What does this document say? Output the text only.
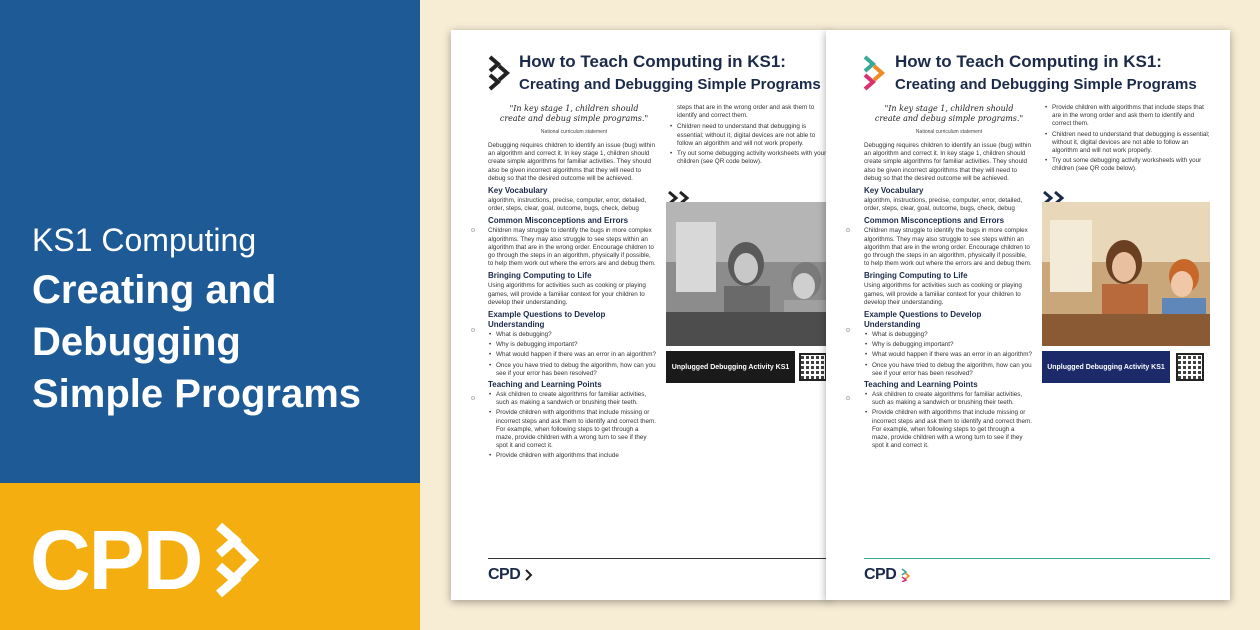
KS1 Computing
Creating and
Debugging
Simple Programs
CPD
How to Teach Computing in KS1:
Creating and Debugging Simple Programs
"In key stage 1, children should
create and debug simple programs."
National curriculum statement

Debugging requires children to identify an issue (bug) within an algorithm and correct it. In key stage 1, children should create simple algorithms for familiar activities. They should also be given incorrect algorithms that they will need to debug so that the desired outcome will be achieved.

Key Vocabulary

algorithm, instructions, precise, computer, error, detailed, order, steps, clear, goal, outcome, bugs, check, debug

Common Misconceptions and Errors

Children may struggle to identify the bugs in more complex algorithms. They may also struggle to see steps within an algorithm that are in the wrong order. Encourage children to go through the steps in an algorithm, physically if possible, to help them work out where the errors are and debug them.

Bringing Computing to Life

Using algorithms for activities such as cooking or playing games, will provide a familiar context for your children to develop their understanding.

Example Questions to Develop Understanding
• What is debugging?
• Why is debugging important?
• What would happen if there was an error in an algorithm?
• Once you have tried to debug the algorithm, how can you see if your error has been resolved?
Teaching and Learning Points
• Ask children to create algorithms for familiar activities, such as making a sandwich or brushing their teeth.
• Provide children with algorithms that include missing or incorrect steps and ask them to identify and correct them. For example, when following steps to get through a maze, provide children with a wrong turn to see if they spot it and correct it.
• Provide children with algorithms that include

steps that are in the wrong order and ask them to identify and correct them.

• Children need to understand that debugging is essential; without it, digital devices are not able to follow an algorithm and will not work properly.
• Try out some debugging activity worksheets with your children (see QR code below).
Unplugged Debugging Activity KS1
CPD
How to Teach Computing in KS1:
Creating and Debugging Simple Programs
"In key stage 1, children should
create and debug simple programs."
National curriculum statement

Debugging requires children to identify an issue (bug) within an algorithm and correct it. In key stage 1, children should create simple algorithms for familiar activities. They should also be given incorrect algorithms that they will need to debug so that the desired outcome will be achieved.

Key Vocabulary

algorithm, instructions, precise, computer, error, detailed, order, steps, clear, goal, outcome, bugs, check, debug

Common Misconceptions and Errors

Children may struggle to identify the bugs in more complex algorithms. They may also struggle to see steps within an algorithm that are in the wrong order. Encourage children to go through the steps in an algorithm, physically if possible, to help them work out where the errors are and debug them.

Bringing Computing to Life

Using algorithms for activities such as cooking or playing games, will provide a familiar context for your children to develop their understanding.

Example Questions to Develop Understanding
• What is debugging?
• Why is debugging important?
• What would happen if there was an error in an algorithm?
• Once you have tried to debug the algorithm, how can you see if your error has been resolved?
Teaching and Learning Points
• Ask children to create algorithms for familiar activities, such as making a sandwich or brushing their teeth.
• Provide children with algorithms that include missing or incorrect steps and ask them to identify and correct them. For example, when following steps to get through a maze, provide children with a wrong turn to see if they spot it and correct it.
• Provide children with algorithms that include steps that are in the wrong order and ask them to identify and correct them.
• Children need to understand that debugging is essential; without it, digital devices are not able to follow an algorithm and will not work properly.
• Try out some debugging activity worksheets with your children (see QR code below).
Unplugged Debugging Activity KS1
CPD
